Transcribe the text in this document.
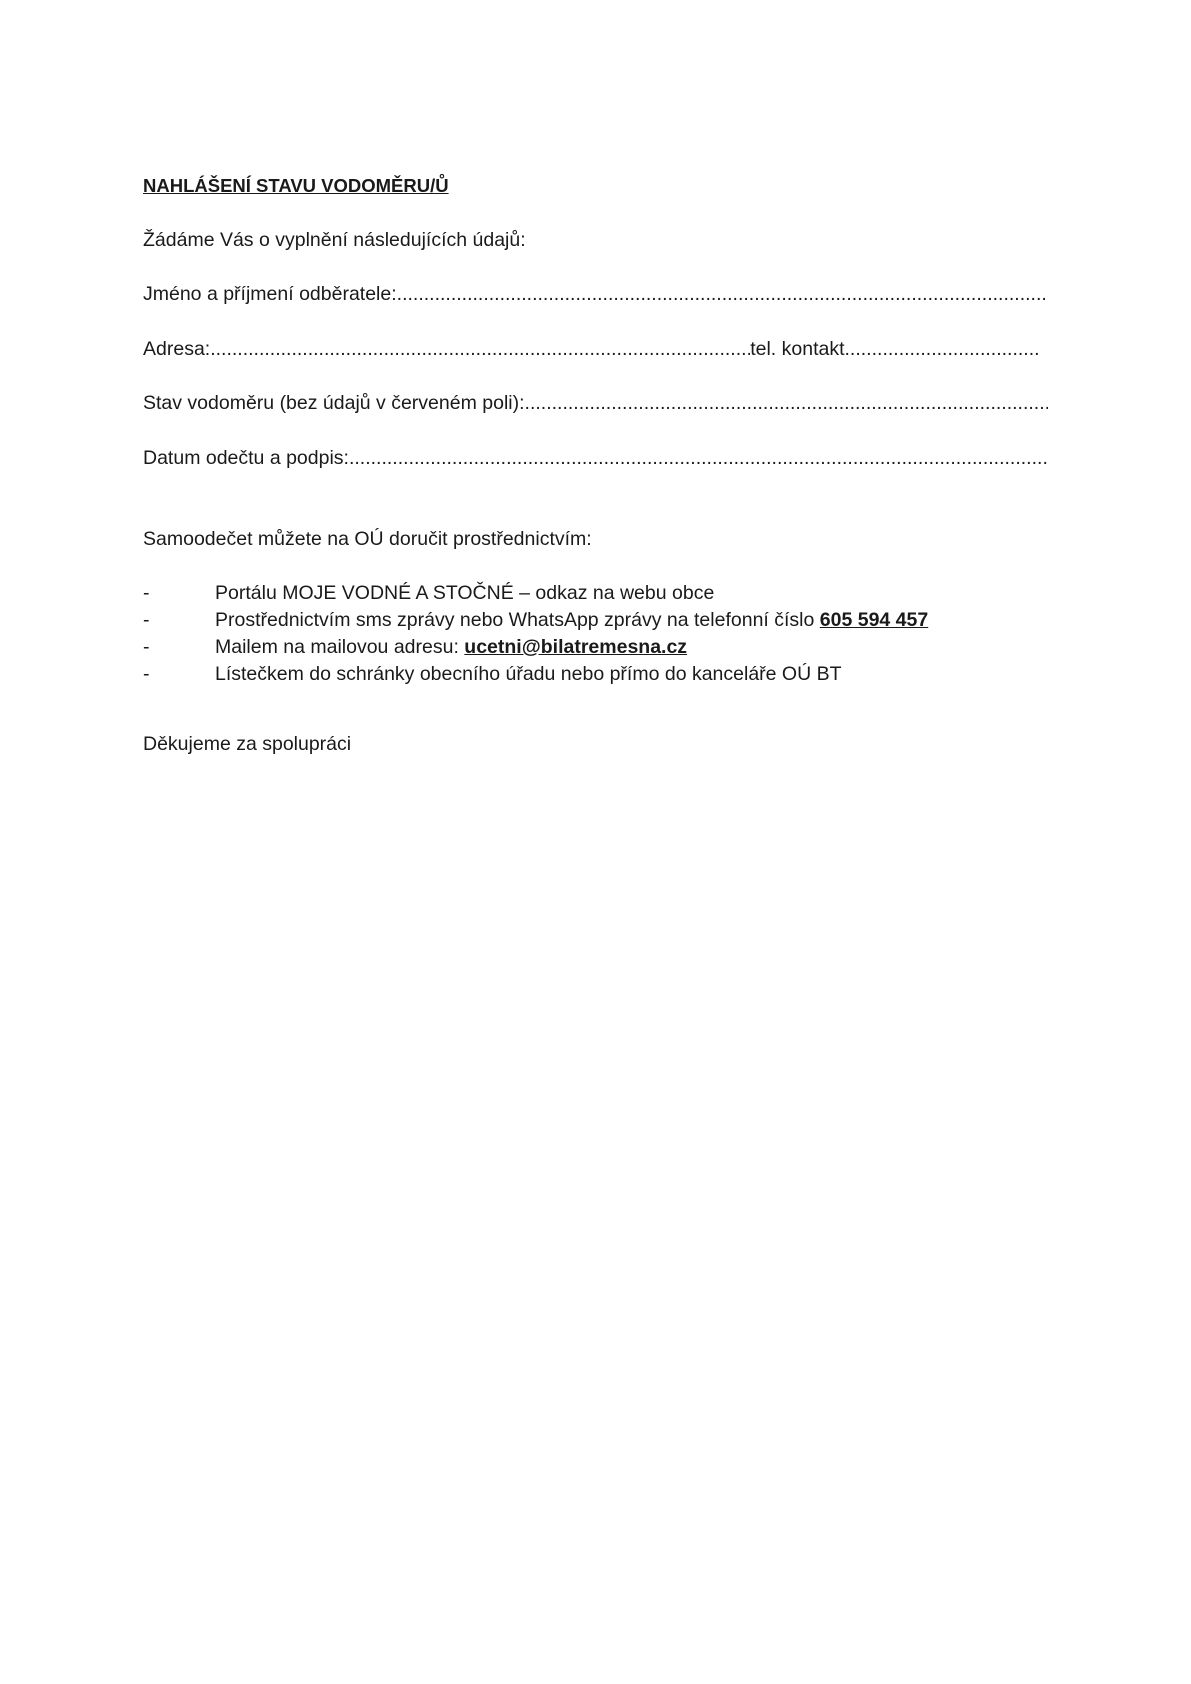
NAHLÁŠENÍ STAVU VODOMĚRU/Ů
Žádáme Vás o vyplnění následujících údajů:
Jméno a příjmení odběratele:
.....
Adresa:
.....	tel. kontakt
.....
Stav vodoměru (bez údajů v červeném poli):
.....
Datum odečtu a podpis:
.....
Samoodečet můžete na OÚ doručit prostřednictvím:
-	Portálu MOJE VODNÉ A STOČNÉ – odkaz na webu obce
-	Prostřednictvím sms zprávy nebo WhatsApp zprávy na telefonní číslo 605 594 457
-	Mailem na mailovou adresu: ucetni@bilatremesna.cz
-	Lístečkem do schránky obecního úřadu nebo přímo do kanceláře OÚ BT
Děkujeme za spolupráci
